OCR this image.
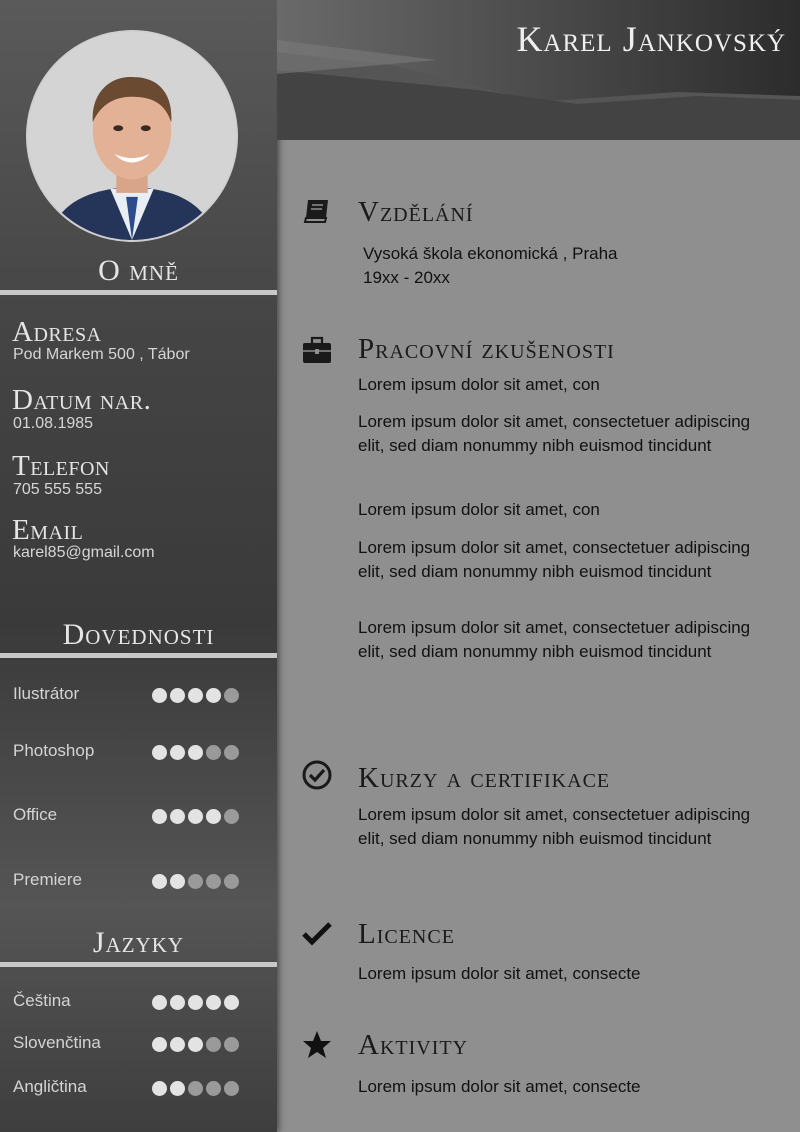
O mně
Adresa
Pod Markem 500 , Tábor
Datum nar.
01.08.1985
Telefon
705 555 555
Email
karel85@gmail.com
Dovednosti
Ilustrátor
Photoshop
Office
Premiere
Jazyky
Čeština
Slovenčtina
Angličtina
Karel Jankovský
Vzdělání
Vysoká škola ekonomická , Praha
19xx - 20xx
Pracovní zkušenosti
Lorem ipsum dolor sit amet, con
Lorem ipsum dolor sit amet, consectetuer adipiscing elit, sed diam nonummy nibh euismod tincidunt
Lorem ipsum dolor sit amet, con
Lorem ipsum dolor sit amet, consectetuer adipiscing elit, sed diam nonummy nibh euismod tincidunt
Lorem ipsum dolor sit amet, consectetuer adipiscing elit, sed diam nonummy nibh euismod tincidunt
Kurzy a certifikace
Lorem ipsum dolor sit amet, consectetuer adipiscing elit, sed diam nonummy nibh euismod tincidunt
Licence
Lorem ipsum dolor sit amet, consecte
Aktivity
Lorem ipsum dolor sit amet, consecte
